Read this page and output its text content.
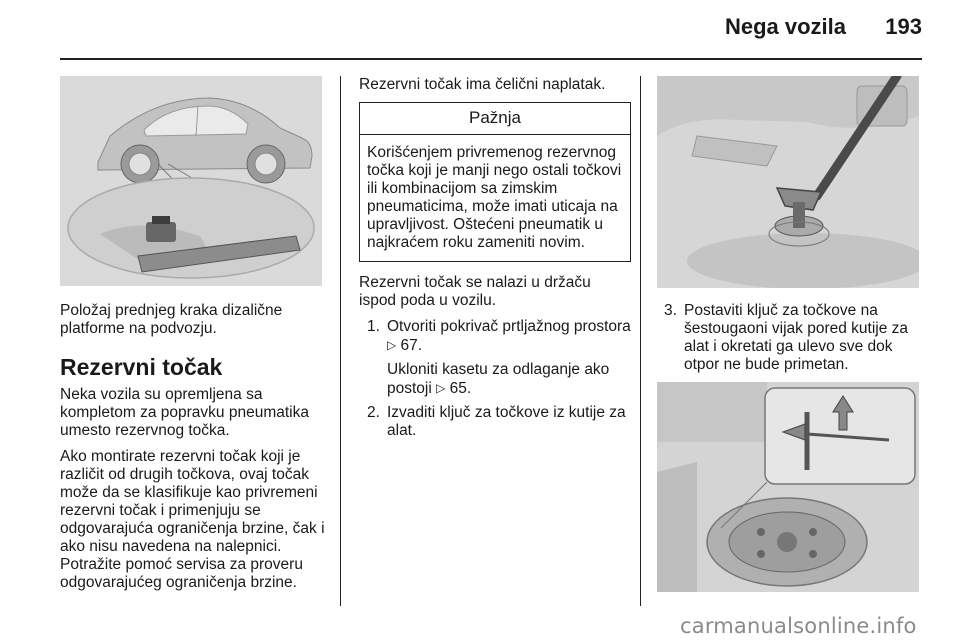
Nega vozila	193

Položaj prednjeg kraka dizalične platforme na podvozju.

Rezervni točak

Neka vozila su opremljena sa kompletom za popravku pneumatika umesto rezervnog točka.

Ako montirate rezervni točak koji je različit od drugih točkova, ovaj točak može da se klasifikuje kao privremeni rezervni točak i primenjuju se odgovarajuća ograničenja brzine, čak i ako nisu navedena na nalepnici. Potražite pomoć servisa za proveru odgovarajućeg ograničenja brzine.

Rezervni točak ima čelični naplatak.

Pažnja
Korišćenjem privremenog rezervnog točka koji je manji nego ostali točkovi ili kombinacijom sa zimskim pneumaticima, može imati uticaja na upravljivost. Oštećeni pneumatik u najkraćem roku zameniti novim.

Rezervni točak se nalazi u držaču ispod poda u vozilu.

1. Otvoriti pokrivač prtljažnog prostora ▷ 67.
Ukloniti kasetu za odlaganje ako postoji ▷ 65.
2. Izvaditi ključ za točkove iz kutije za alat.
3. Postaviti ključ za točkove na šestougaoni vijak pored kutije za alat i okretati ga ulevo sve dok otpor ne bude primetan.
carmanualsonline.info
